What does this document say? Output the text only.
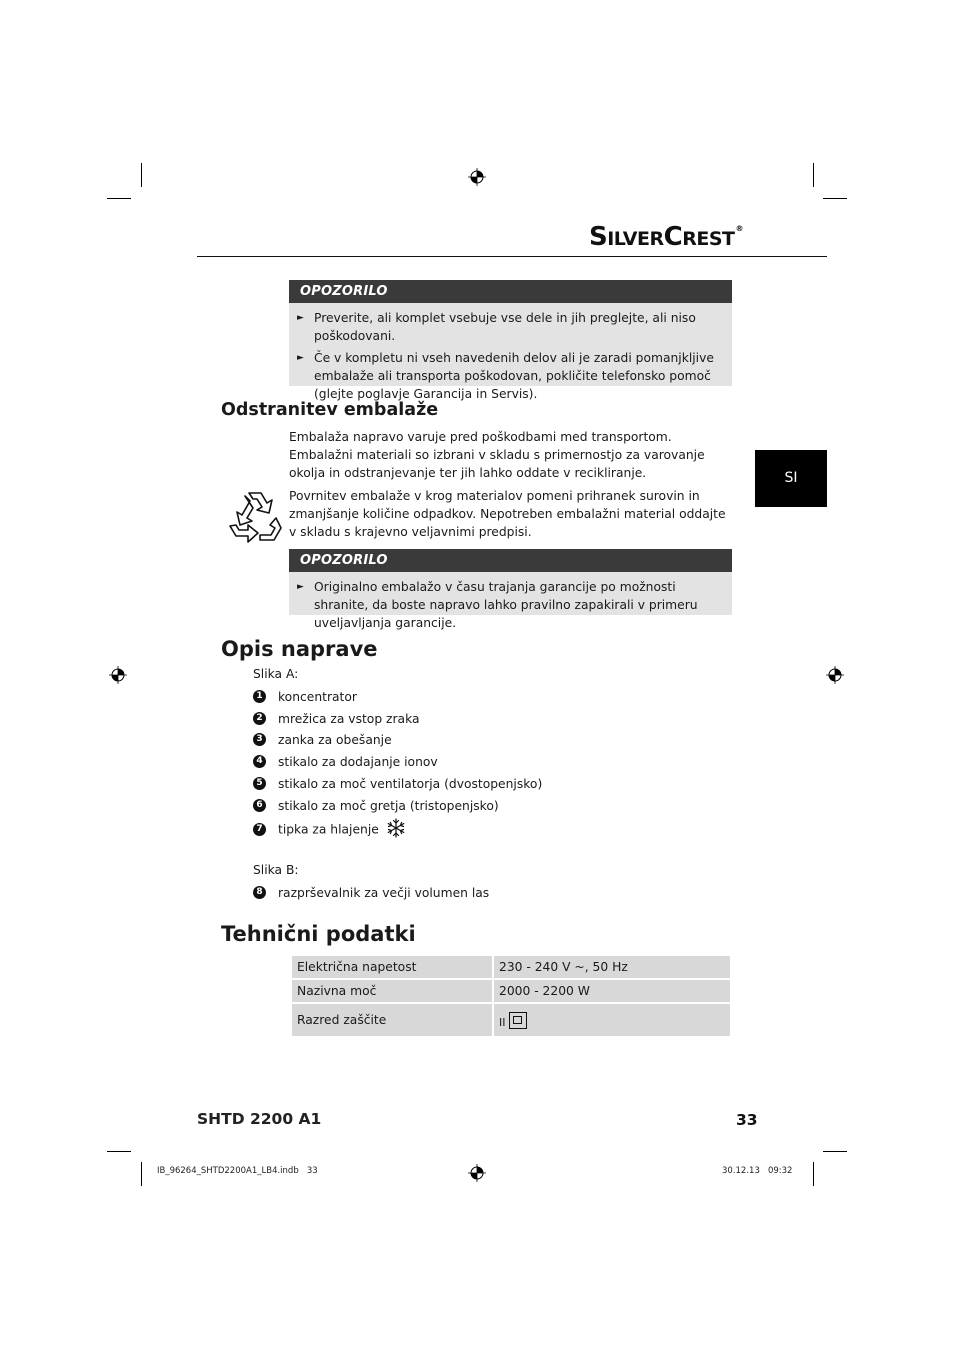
SILVERCREST®
OPOZORILO
► Preverite, ali komplet vsebuje vse dele in jih preglejte, ali niso poškodovani.
► Če v kompletu ni vseh navedenih delov ali je zaradi pomanjkljive embalaže ali transporta poškodovan, pokličite telefonsko pomoč (glejte poglavje Garancija in Servis).
Odstranitev embalaže

Embalaža napravo varuje pred poškodbami med transportom. Embalažni materiali so izbrani v skladu s primernostjo za varovanje okolja in odstranjevanje ter jih lahko oddate v recikliranje.

Povrnitev embalaže v krog materialov pomeni prihranek surovin in zmanjšanje količine odpadkov. Nepotreben embalažni material oddajte v skladu s krajevno veljavnimi predpisi.

OPOZORILO
► Originalno embalažo v času trajanja garancije po možnosti shranite, da boste napravo lahko pravilno zapakirali v primeru uveljavljanja garancije.
SI
Opis naprave
Slika A:
1 koncentrator
2 mrežica za vstop zraka
3 zanka za obešanje
4 stikalo za dodajanje ionov
5 stikalo za moč ventilatorja (dvostopenjsko)
6 stikalo za moč gretja (tristopenjsko)
7 tipka za hlajenje
Slika B:
8 razprševalnik za večji volumen las
Tehnični podatki
Električna napetost	230 - 240 V ~, 50 Hz
Nazivna moč	2000 - 2200 W
Razred zaščite	II
SHTD 2200 A1	33
IB_96264_SHTD2200A1_LB4.indb   33	30.12.13   09:32
